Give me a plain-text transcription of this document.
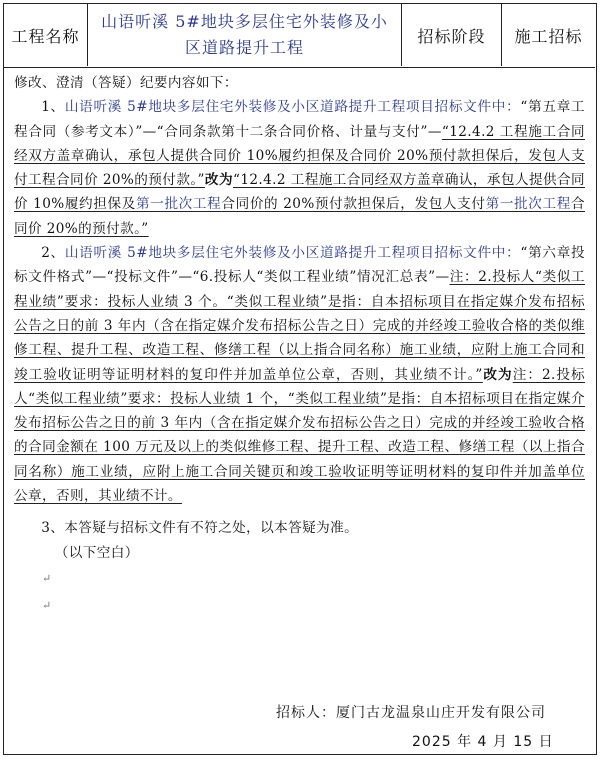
工程名称
山语听溪 5#地块多层住宅外装修及小区道路提升工程
招标阶段	施工招标
修改、澄清（答疑）纪要内容如下：
1、山语听溪 5#地块多层住宅外装修及小区道路提升工程项目招标文件中：“第五章工程合同（参考文本）”—“合同条款第十二条合同价格、计量与支付”—“12.4.2 工程施工合同经双方盖章确认，承包人提供合同价 10%履约担保及合同价 20%预付款担保后，发包人支付工程合同价 20%的预付款。”改为“12.4.2 工程施工合同经双方盖章确认，承包人提供合同价 10%履约担保及第一批次工程合同价的 20%预付款担保后，发包人支付第一批次工程合同价 20%的预付款。”
2、山语听溪 5#地块多层住宅外装修及小区道路提升工程项目招标文件中：“第六章投标文件格式”—“投标文件”—“6.投标人“类似工程业绩”情况汇总表”—注：2.投标人“类似工程业绩”要求：投标人业绩 3 个。“类似工程业绩”是指：自本招标项目在指定媒介发布招标公告之日的前 3 年内（含在指定媒介发布招标公告之日）完成的并经竣工验收合格的类似维修工程、提升工程、改造工程、修缮工程（以上指合同名称）施工业绩，应附上施工合同和竣工验收证明等证明材料的复印件并加盖单位公章，否则，其业绩不计。”改为注：2.投标人“类似工程业绩”要求：投标人业绩 1 个，“类似工程业绩”是指：自本招标项目在指定媒介发布招标公告之日的前 3 年内（含在指定媒介发布招标公告之日）完成的并经竣工验收合格的合同金额在 100 万元及以上的类似维修工程、提升工程、改造工程、修缮工程（以上指合同名称）施工业绩，应附上施工合同关键页和竣工验收证明等证明材料的复印件并加盖单位公章，否则，其业绩不计。
3、本答疑与招标文件有不符之处，以本答疑为准。
（以下空白）
↵
↵
招标人：厦门古龙温泉山庄开发有限公司
2025 年 4 月 15 日
